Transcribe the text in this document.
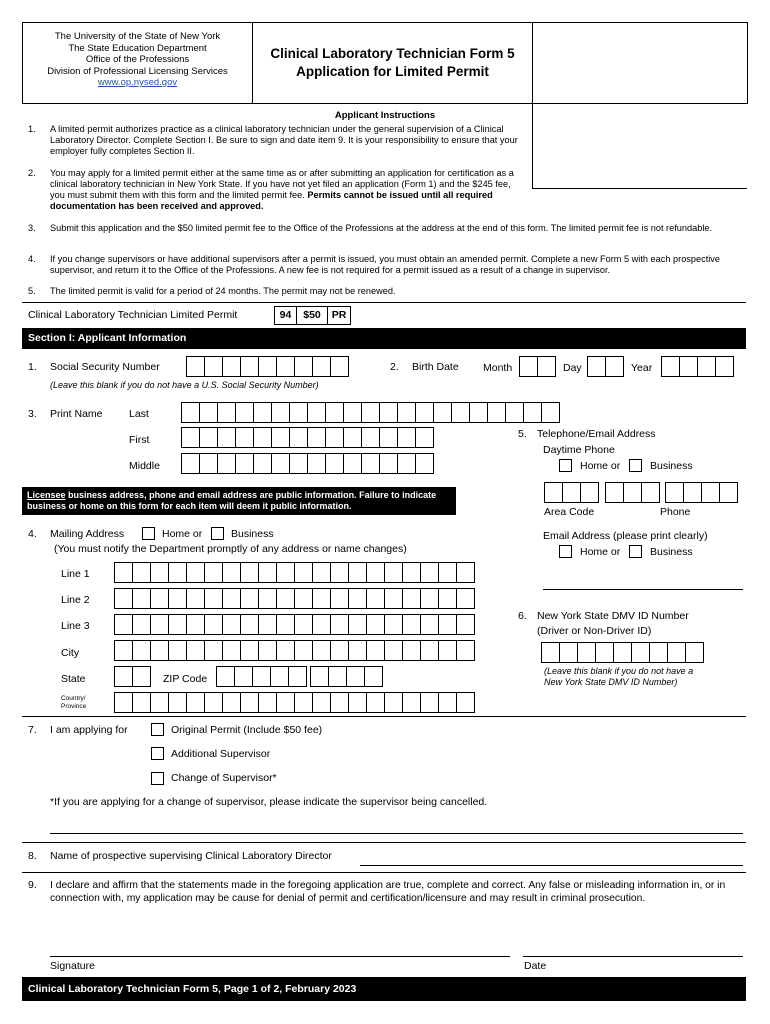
The University of the State of New York
The State Education Department
Office of the Professions
Division of Professional Licensing Services
www.op.nysed.gov
Clinical Laboratory Technician Form 5
Application for Limited Permit
Applicant Instructions
1. A limited permit authorizes practice as a clinical laboratory technician under the general supervision of a Clinical Laboratory Director. Complete Section I. Be sure to sign and date item 9. It is your responsibility to ensure that your employer fully completes Section II.
2. You may apply for a limited permit either at the same time as or after submitting an application for certification as a clinical laboratory technician in New York State. If you have not yet filed an application (Form 1) and the $245 fee, you must submit them with this form and the limited permit fee. Permits cannot be issued until all required documentation has been received and approved.
3. Submit this application and the $50 limited permit fee to the Office of the Professions at the address at the end of this form. The limited permit fee is not refundable.
4. If you change supervisors or have additional supervisors after a permit is issued, you must obtain an amended permit. Complete a new Form 5 with each prospective supervisor, and return it to the Office of the Professions. A new fee is not required for a permit issued as a result of a change in supervisor.
5. The limited permit is valid for a period of 24 months. The permit may not be renewed.
Clinical Laboratory Technician Limited Permit	94	$50	PR
Section I: Applicant Information
1. Social Security Number
(Leave this blank if you do not have a U.S. Social Security Number)
2. Birth Date Month	Day	Year
3. Print Name	Last
First
Middle
5. Telephone/Email Address
Daytime Phone
Home or	Business
Area Code	Phone
Email Address (please print clearly)
Home or	Business
Licensee business address, phone and email address are public information. Failure to indicate business or home on this form for each item will deem it public information.
4. Mailing Address	Home or	Business
(You must notify the Department promptly of any address or name changes)
Line 1
Line 2
Line 3
City
State	ZIP Code
Country/
Province
6. New York State DMV ID Number
(Driver or Non-Driver ID)
(Leave this blank if you do not have a
New York State DMV ID Number)
7. I am applying for	Original Permit (Include $50 fee)
Additional Supervisor
Change of Supervisor*
*If you are applying for a change of supervisor, please indicate the supervisor being cancelled.
8. Name of prospective supervising Clinical Laboratory Director
9. I declare and affirm that the statements made in the foregoing application are true, complete and correct. Any false or misleading information in, or in connection with, my application may be cause for denial of permit and certification/licensure and may result in criminal prosecution.
Signature	Date
Clinical Laboratory Technician Form 5, Page 1 of 2, February 2023
